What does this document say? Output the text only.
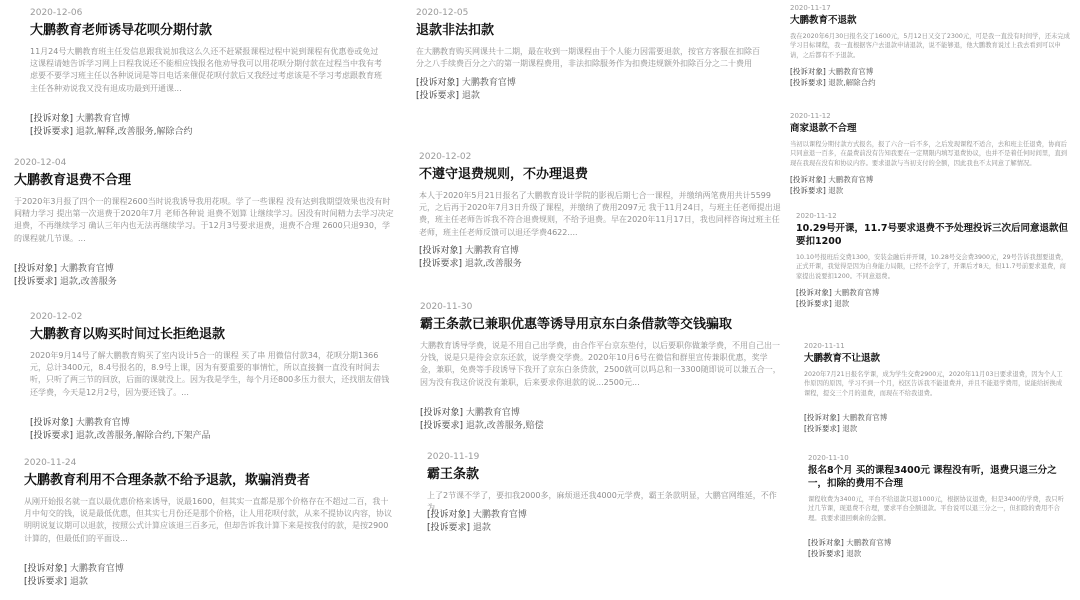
2020-12-06
大鹏教育老师诱导花呗分期付款
11月24号大鹏教育班主任发信息跟我说加我这么久还不赶紧报课程过程中说到课程有优惠卷或免过这课程请她告诉学习网上日程我说还不能相应钱报名他劝导我可以用花呗分期付款在过程当中我有考虑要不要学习班主任以各种说词是等日电话来催促花呗付款后又我经过考虑该是不学习考虑跟教育班主任各种劝说我又没有退成功最到开通课...
[投诉对象] 大鹏教育官博
[投诉要求] 退款,解释,改善服务,解除合约
2020-12-04
大鹏教育退费不合理
于2020年3月报了四个一的课程2600当时说我诱导我用花呗。学了一些课程 没有达到我期望效果也没有时间精力学习 提出第一次退费于2020年7月 老师各种说 退费不划算 让继续学习。因没有时间精力去学习决定退费，不再继续学习 确认三年内也无法再继续学习。于12月3号要求退费，退费不合理 2600只退930，学的课程就几节课。...
[投诉对象] 大鹏教育官博
[投诉要求] 退款,改善服务
2020-12-02
大鹏教育以购买时间过长拒绝退款
2020年9月14号了解大鹏教育购买了室内设计5合一的课程 买了串 用微信付款34，花呗分期1366元，总计3400元，8.4号报名的，8.9号上课，因为有要重要的事情忙，所以直接搁一直没有时间去听，只听了两三节的回放，后面的课就没上。因为我是学生，每个月还800多压力很大，还找朋友借钱还学费，今天是12月2号，因为要还钱了。...
[投诉对象] 大鹏教育官博
[投诉要求] 退款,改善服务,解除合约,下架产品
2020-11-24
大鹏教育利用不合理条款不给予退款，欺骗消费者
从刚开始报名就一直以最优惠价格来诱导，说最1600，但其实一直都是那个价格存在不超过二百，我十月中旬交的钱，说是最低优惠，但其实七月份还是那个价格，让人用花呗付款，从来不提协议内容，协议明明说复议期可以退款，按照公式计算应该退三百多元，但却告诉我计算下来是按我付的款，是按2900计算的，但最低们的平面设...
[投诉对象] 大鹏教育官博
[投诉要求] 退款
2020-12-05
退款非法扣款
在大鹏教育购买网课共十二期，最在收到一期课程由于个人能力因需要退款，按官方客服在扣除百分之八手续费百分之六的第一期课程费用，非法扣除服务作为扣费违规额外扣除百分之二十费用
[投诉对象] 大鹏教育官博
[投诉要求] 退款
2020-12-02
不遵守退费规则，不办理退费
本人于2020年5月21日报名了大鹏教育设计学院的影视后期七合一课程，并缴纳两笔费用共计5599元，之后再于2020年7月3日升级了课程，并缴纳了费用2097元 我于11月24日，与班主任老师提出退费，班主任老师告诉我不符合退费规则，不给予退费。早在2020年11月17日，我也同样咨询过班主任老师，班主任老师反馈可以退还学费4622....
[投诉对象] 大鹏教育官博
[投诉要求] 退款,改善服务
2020-11-30
霸王条款已兼职优惠等诱导用京东白条借款等交钱骗取
大鹏教育诱导学费，说是不用自己出学费，由合作平台京东垫付，以后要职你做兼学费，不用自己出一分钱，说是只是待会京东还款，说学费交学费。2020年10月6号在微信和群里宣传兼职优惠，奖学金，兼职，免费等手段诱导下我开了京东白条贷款，2500就可以吗总和一3300随即说可以兼五合一，因为没有我这价说没有兼职，后来要求你退款的说...2500元...
[投诉对象] 大鹏教育官博
[投诉要求] 退款,改善服务,赔偿
2020-11-19
霸王条款
上了2节课不学了，要扣我2000多，麻烦退还我4000元学费，霸王条款明显，大鹏官网维延，不作为
[投诉对象] 大鹏教育官博
[投诉要求] 退款
2020-11-17
大鹏教育不退款
我在2020年6月30日报名交了1600元，5月12日又交了2300元，可是我一直没有时间学，还未完成学习目标课程，我一直根据客户去退款申请退款，说不能够退，他大鹏教育说过上我去看到可以申请，之后都有不予退款。
[投诉对象] 大鹏教育官博
[投诉要求] 退款,解除合约
2020-11-12
商家退款不合理
当初以课程分期付款方式报名，报了六合一后不多，之后发现课程不适合，去和班主任退费，协商后只同意退一百多，在最费前没有告知我要在一定期限内填写退费协议，也并不是着任何时间里，直到现在我现在没有和协议内容。要求退款与当初支付的全额，因此我也不太同意了解情况。
[投诉对象] 大鹏教育官博
[投诉要求] 退款
2020-11-12
10.29号开课，11.7号要求退费不予处理投诉三次后同意退款但要扣1200
10.10号报班后交费1300，安装金融后并开课，10.28号交会费3900元，29号告诉我想要退费，正式开课，我觉得是因为自身能力局限，已经不会学了，开课后才8天，但11.7号前要求退费，商家提出说要扣1200。不同意退费。
[投诉对象] 大鹏教育官博
[投诉要求] 退款
2020-11-11
大鹏教育不让退款
2020年7月21日报名学课，成为学生交费2900元，2020年11月03日要求退费，因为个人工作原因的原因，学习不到一个月，校区告诉我不能退费并，并且不能退学费用，说能给折换成课程，提交三个月的退费，而现在不给我退费。
[投诉对象] 大鹏教育官博
[投诉要求] 退款
2020-11-10
报名8个月 买的课程3400元 课程没有听，退费只退三分之一，扣除的费用不合理
课程收费为3400元，平台不给退款只退1000元，根据协议退费，但是3400的学费，我只听过几节课，现退费不合理，要求平台全额退款。平台说可以退三分之一，但扣除的费用不合理。我要求退回剩余的金额。
[投诉对象] 大鹏教育官博
[投诉要求] 退款
